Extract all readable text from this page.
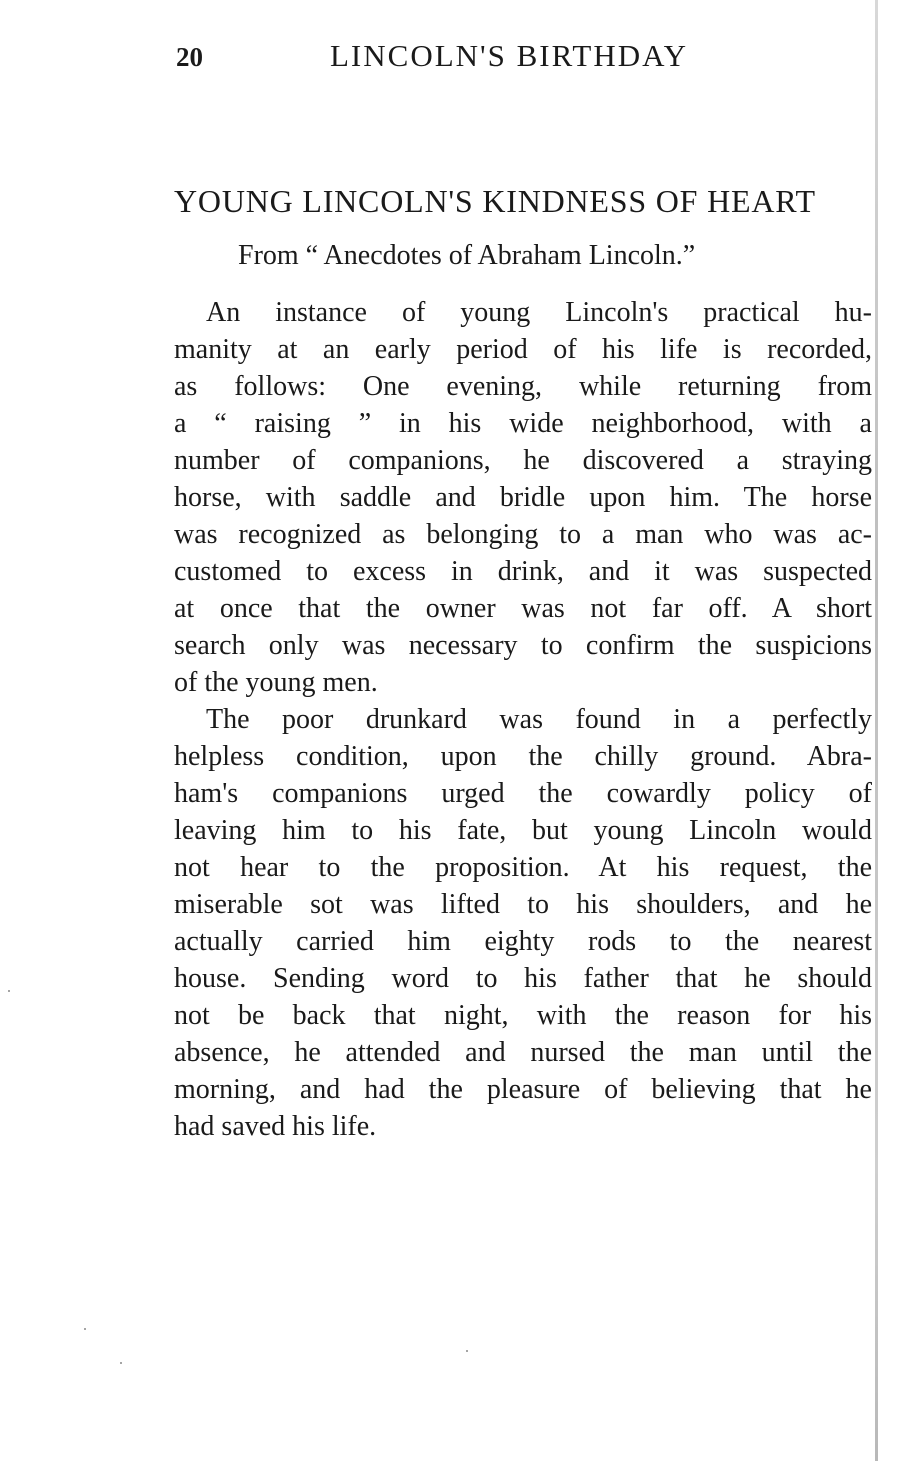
20	LINCOLN'S BIRTHDAY
YOUNG LINCOLN'S KINDNESS OF HEART
From “ Anecdotes of Abraham Lincoln.”
An instance of young Lincoln's practical hu-
manity at an early period of his life is recorded,
as follows: One evening, while returning from
a “ raising ” in his wide neighborhood, with a
number of companions, he discovered a straying
horse, with saddle and bridle upon him. The horse
was recognized as belonging to a man who was ac-
customed to excess in drink, and it was suspected
at once that the owner was not far off. A short
search only was necessary to confirm the suspicions
of the young men.
The poor drunkard was found in a perfectly
helpless condition, upon the chilly ground. Abra-
ham's companions urged the cowardly policy of
leaving him to his fate, but young Lincoln would
not hear to the proposition. At his request, the
miserable sot was lifted to his shoulders, and he
actually carried him eighty rods to the nearest
house. Sending word to his father that he should
not be back that night, with the reason for his
absence, he attended and nursed the man until the
morning, and had the pleasure of believing that he
had saved his life.
